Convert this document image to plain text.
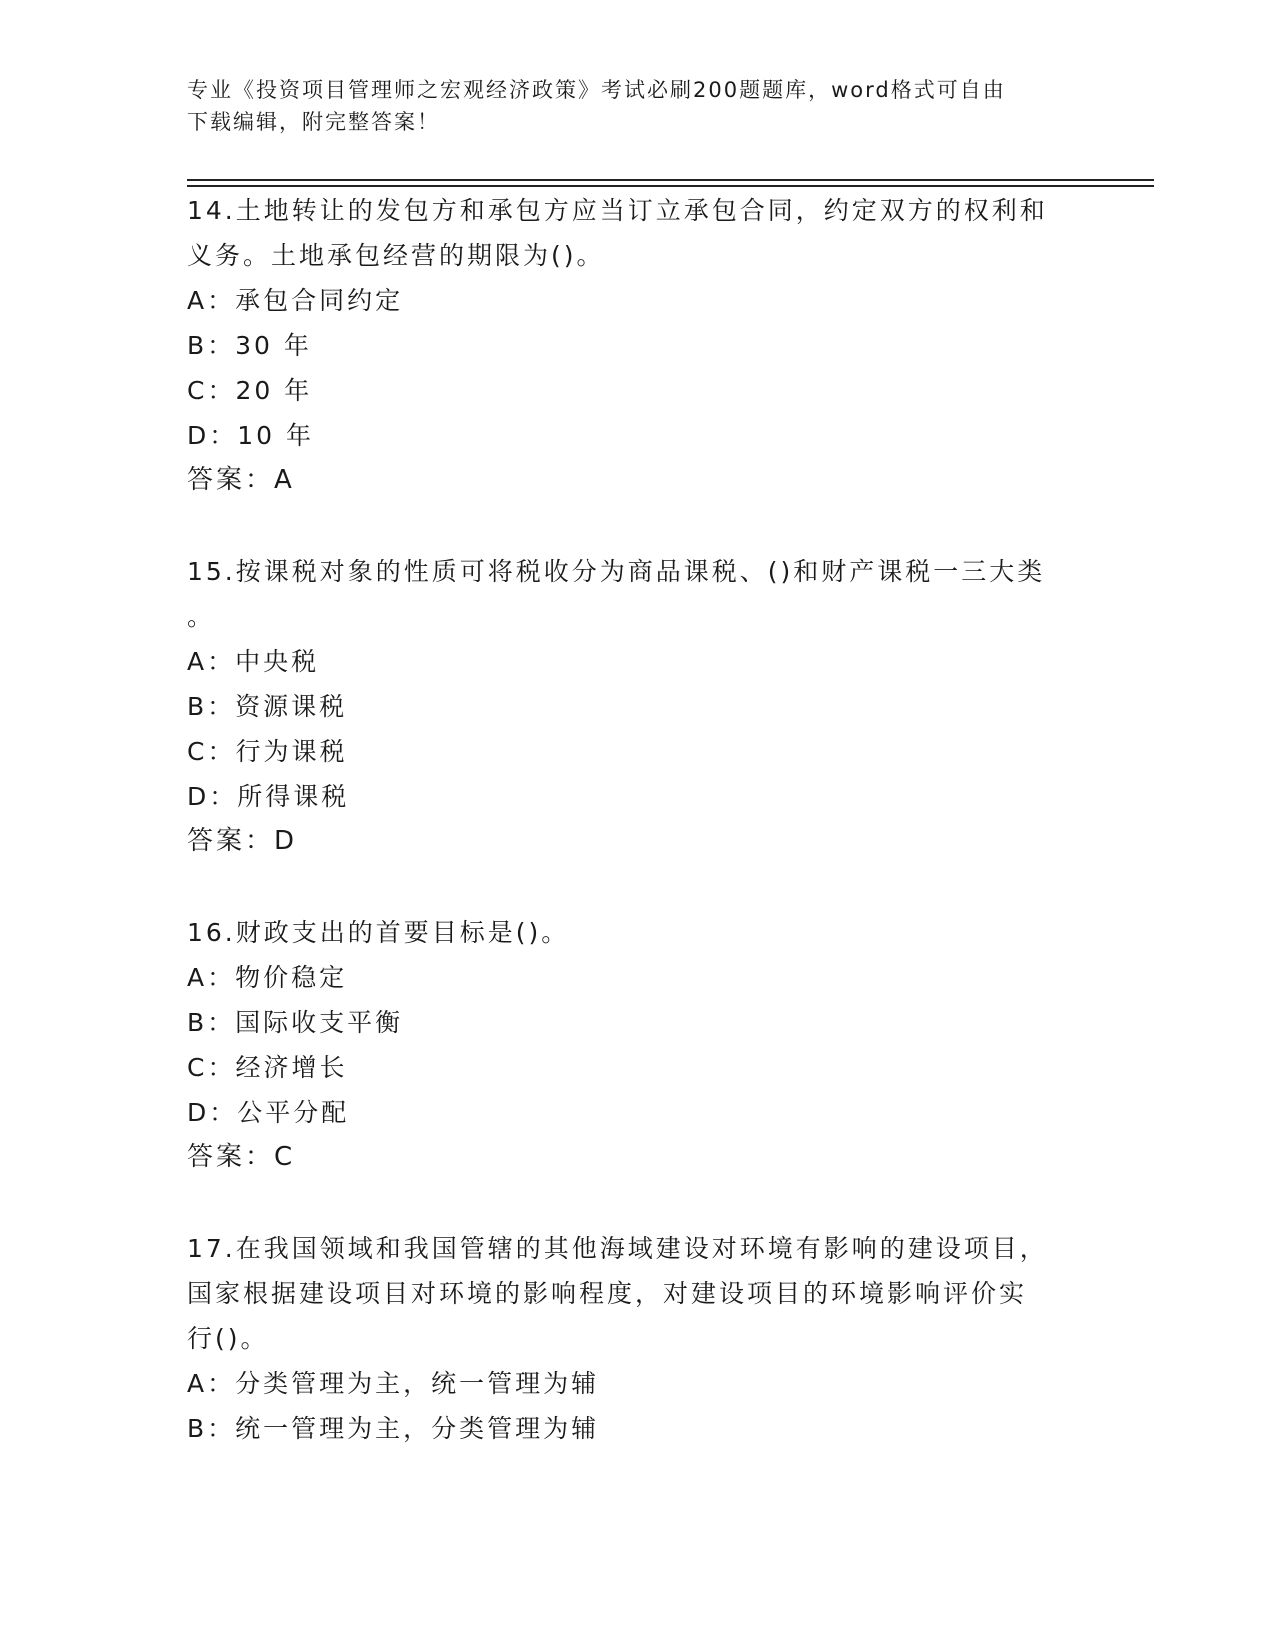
专业《投资项目管理师之宏观经济政策》考试必刷200题题库，word格式可自由
下载编辑，附完整答案！
14.土地转让的发包方和承包方应当订立承包合同，约定双方的权利和
义务。土地承包经营的期限为()。
A：承包合同约定
B：30 年
C：20 年
D：10 年
答案：A
15.按课税对象的性质可将税收分为商品课税、()和财产课税一三大类
。
A：中央税
B：资源课税
C：行为课税
D：所得课税
答案：D
16.财政支出的首要目标是()。
A：物价稳定
B：国际收支平衡
C：经济增长
D：公平分配
答案：C
17.在我国领域和我国管辖的其他海域建设对环境有影响的建设项目，
国家根据建设项目对环境的影响程度，对建设项目的环境影响评价实
行()。
A：分类管理为主，统一管理为辅
B：统一管理为主，分类管理为辅
